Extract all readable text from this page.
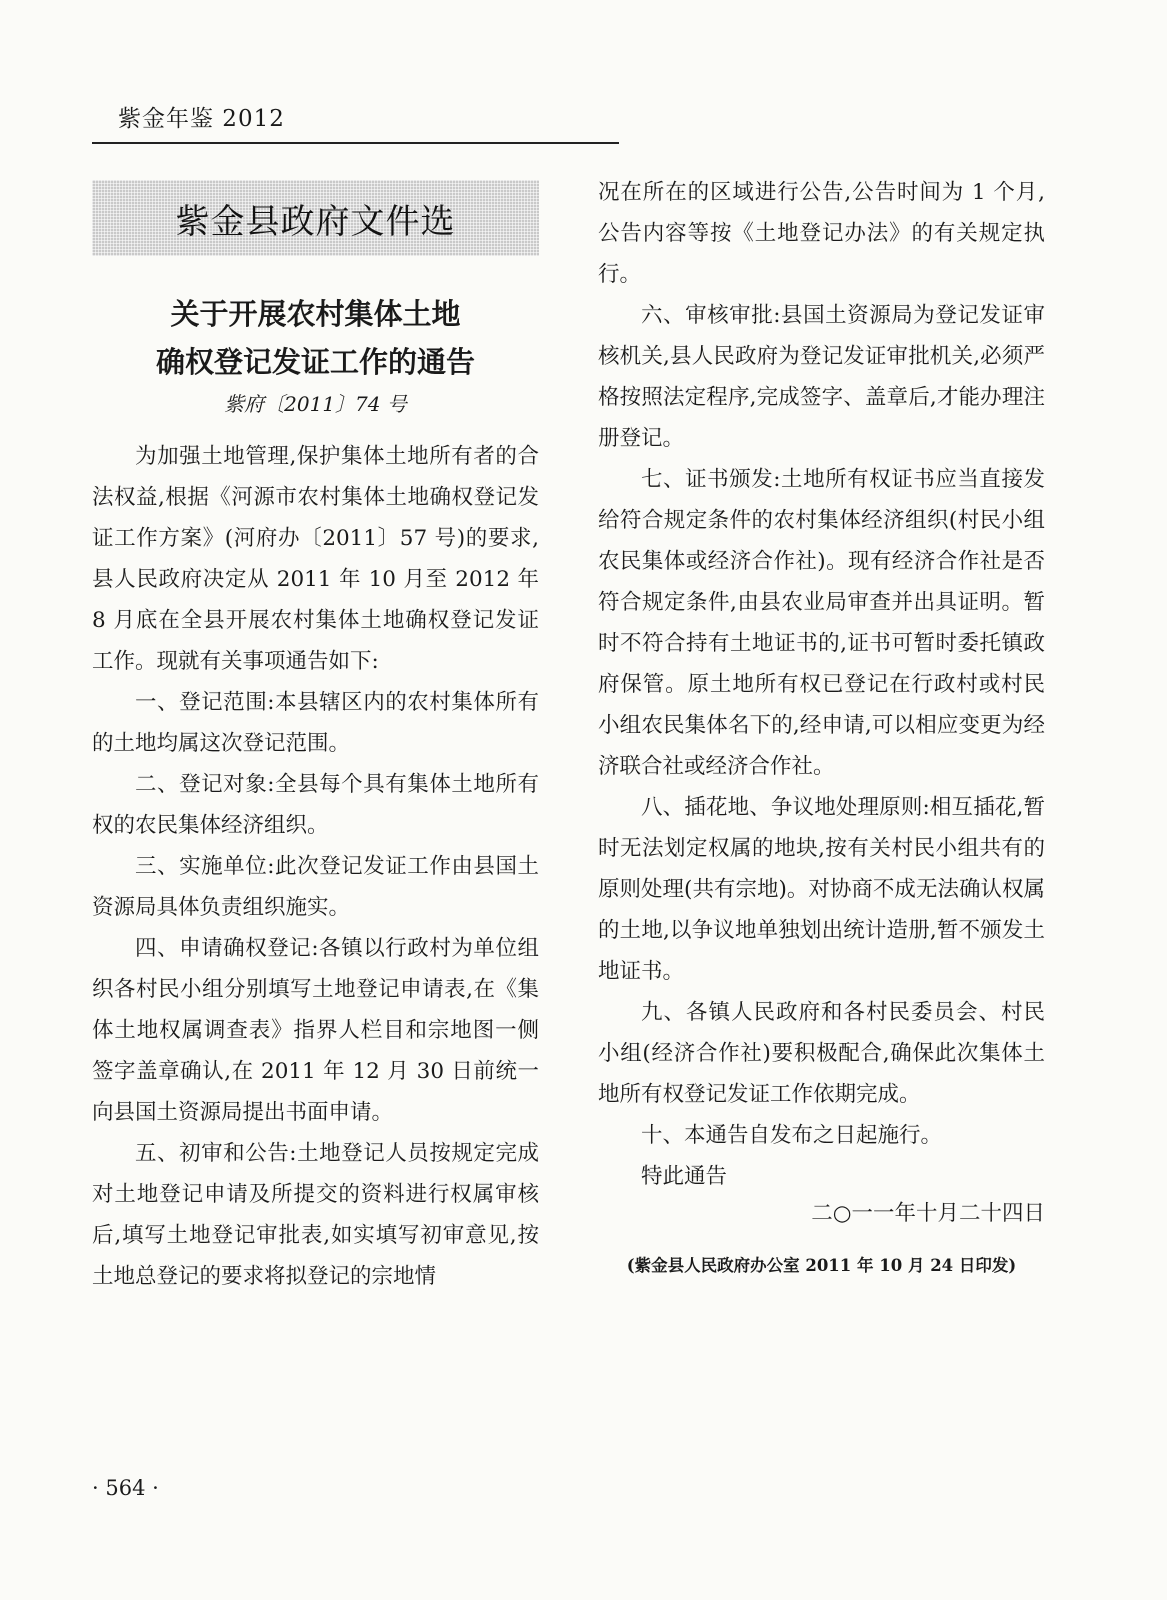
紫金年鉴 2012
紫金县政府文件选
关于开展农村集体土地
确权登记发证工作的通告
紫府〔2011〕74 号

为加强土地管理,保护集体土地所有者的合法权益,根据《河源市农村集体土地确权登记发证工作方案》(河府办〔2011〕57 号)的要求,县人民政府决定从 2011 年 10 月至 2012 年 8 月底在全县开展农村集体土地确权登记发证工作。现就有关事项通告如下:

一、登记范围:本县辖区内的农村集体所有的土地均属这次登记范围。

二、登记对象:全县每个具有集体土地所有权的农民集体经济组织。

三、实施单位:此次登记发证工作由县国土资源局具体负责组织施实。

四、申请确权登记:各镇以行政村为单位组织各村民小组分别填写土地登记申请表,在《集体土地权属调查表》指界人栏目和宗地图一侧签字盖章确认,在 2011 年 12 月 30 日前统一向县国土资源局提出书面申请。

五、初审和公告:土地登记人员按规定完成对土地登记申请及所提交的资料进行权属审核后,填写土地登记审批表,如实填写初审意见,按土地总登记的要求将拟登记的宗地情

况在所在的区域进行公告,公告时间为 1 个月,公告内容等按《土地登记办法》的有关规定执行。

六、审核审批:县国土资源局为登记发证审核机关,县人民政府为登记发证审批机关,必须严格按照法定程序,完成签字、盖章后,才能办理注册登记。

七、证书颁发:土地所有权证书应当直接发给符合规定条件的农村集体经济组织(村民小组农民集体或经济合作社)。现有经济合作社是否符合规定条件,由县农业局审查并出具证明。暂时不符合持有土地证书的,证书可暂时委托镇政府保管。原土地所有权已登记在行政村或村民小组农民集体名下的,经申请,可以相应变更为经济联合社或经济合作社。

八、插花地、争议地处理原则:相互插花,暂时无法划定权属的地块,按有关村民小组共有的原则处理(共有宗地)。对协商不成无法确认权属的土地,以争议地单独划出统计造册,暂不颁发土地证书。

九、各镇人民政府和各村民委员会、村民小组(经济合作社)要积极配合,确保此次集体土地所有权登记发证工作依期完成。

十、本通告自发布之日起施行。

特此通告

二○一一年十月二十四日
(紫金县人民政府办公室 2011 年 10 月 24 日印发)
· 564 ·
